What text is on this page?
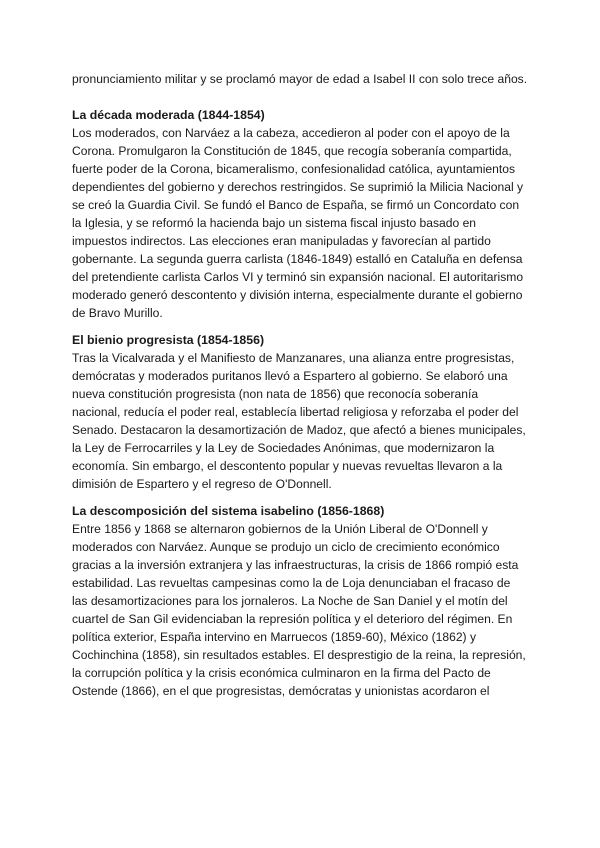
pronunciamiento militar y se proclamó mayor de edad a Isabel II con solo trece años.

La década moderada (1844-1854)

Los moderados, con Narváez a la cabeza, accedieron al poder con el apoyo de la Corona. Promulgaron la Constitución de 1845, que recogía soberanía compartida, fuerte poder de la Corona, bicameralismo, confesionalidad católica, ayuntamientos dependientes del gobierno y derechos restringidos. Se suprimió la Milicia Nacional y se creó la Guardia Civil. Se fundó el Banco de España, se firmó un Concordato con la Iglesia, y se reformó la hacienda bajo un sistema fiscal injusto basado en impuestos indirectos. Las elecciones eran manipuladas y favorecían al partido gobernante. La segunda guerra carlista (1846-1849) estalló en Cataluña en defensa del pretendiente carlista Carlos VI y terminó sin expansión nacional. El autoritarismo moderado generó descontento y división interna, especialmente durante el gobierno de Bravo Murillo.

El bienio progresista (1854-1856)

Tras la Vicalvarada y el Manifiesto de Manzanares, una alianza entre progresistas, demócratas y moderados puritanos llevó a Espartero al gobierno. Se elaboró una nueva constitución progresista (non nata de 1856) que reconocía soberanía nacional, reducía el poder real, establecía libertad religiosa y reforzaba el poder del Senado. Destacaron la desamortización de Madoz, que afectó a bienes municipales, la Ley de Ferrocarriles y la Ley de Sociedades Anónimas, que modernizaron la economía. Sin embargo, el descontento popular y nuevas revueltas llevaron a la dimisión de Espartero y el regreso de O'Donnell.

La descomposición del sistema isabelino (1856-1868)

Entre 1856 y 1868 se alternaron gobiernos de la Unión Liberal de O'Donnell y moderados con Narváez. Aunque se produjo un ciclo de crecimiento económico gracias a la inversión extranjera y las infraestructuras, la crisis de 1866 rompió esta estabilidad. Las revueltas campesinas como la de Loja denunciaban el fracaso de las desamortizaciones para los jornaleros. La Noche de San Daniel y el motín del cuartel de San Gil evidenciaban la represión política y el deterioro del régimen. En política exterior, España intervino en Marruecos (1859-60), México (1862) y Cochinchina (1858), sin resultados estables. El desprestigio de la reina, la represión, la corrupción política y la crisis económica culminaron en la firma del Pacto de Ostende (1866), en el que progresistas, demócratas y unionistas acordaron el
